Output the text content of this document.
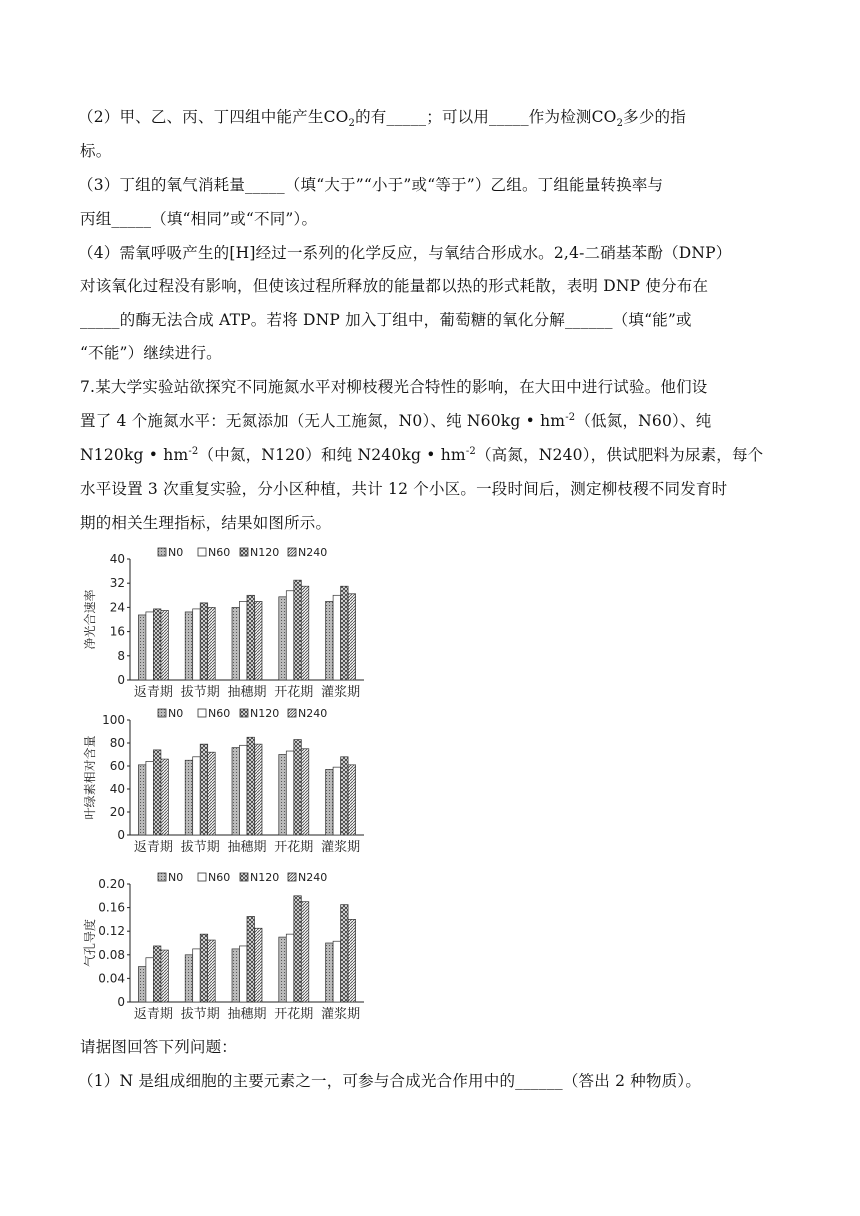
（2）甲、乙、丙、丁四组中能产生$CO_2$的有_____；可以用_____作为检测$CO_2$多少的指
标。
（3）丁组的氧气消耗量_____（填“大于”“小于”或“等于”）乙组。丁组能量转换率与
丙组_____（填“相同”或“不同”）。
（4）需氧呼吸产生的[H]经过一系列的化学反应，与氧结合形成水。2,4-二硝基苯酚（DNP）
对该氧化过程没有影响，但使该过程所释放的能量都以热的形式耗散，表明 DNP 使分布在
_____的酶无法合成 ATP。若将 DNP 加入丁组中，葡萄糖的氧化分解______（填“能”或
“不能”）继续进行。
7.某大学实验站欲探究不同施氮水平对柳枝稷光合特性的影响，在大田中进行试验。他们设
置了 4 个施氮水平：无氮添加（无人工施氮，N0）、纯 N60kg • $hm^{-2}$（低氮，N60）、纯
N120kg • $hm^{-2}$（中氮，N120）和纯 N240kg • $hm^{-2}$（高氮，N240），供试肥料为尿素，每个
水平设置 3 次重复实验，分小区种植，共计 12 个小区。一段时间后，测定柳枝稷不同发育时
期的相关生理指标，结果如图所示。
净光合速率
0
8
16
24
32
40	N0 N60 N120 N240
返青期 拔节期 抽穗期 开花期 灌浆期
叶绿素相对含量
0
20
40
60
80
100	N0 N60 N120 N240
返青期 拔节期 抽穗期 开花期 灌浆期
气孔导度
0
0.04
0.08
0.12
0.16
0.20	N0 N60 N120 N240
返青期 拔节期 抽穗期 开花期 灌浆期
请据图回答下列问题：
（1）N 是组成细胞的主要元素之一，可参与合成光合作用中的______（答出 2 种物质）。
